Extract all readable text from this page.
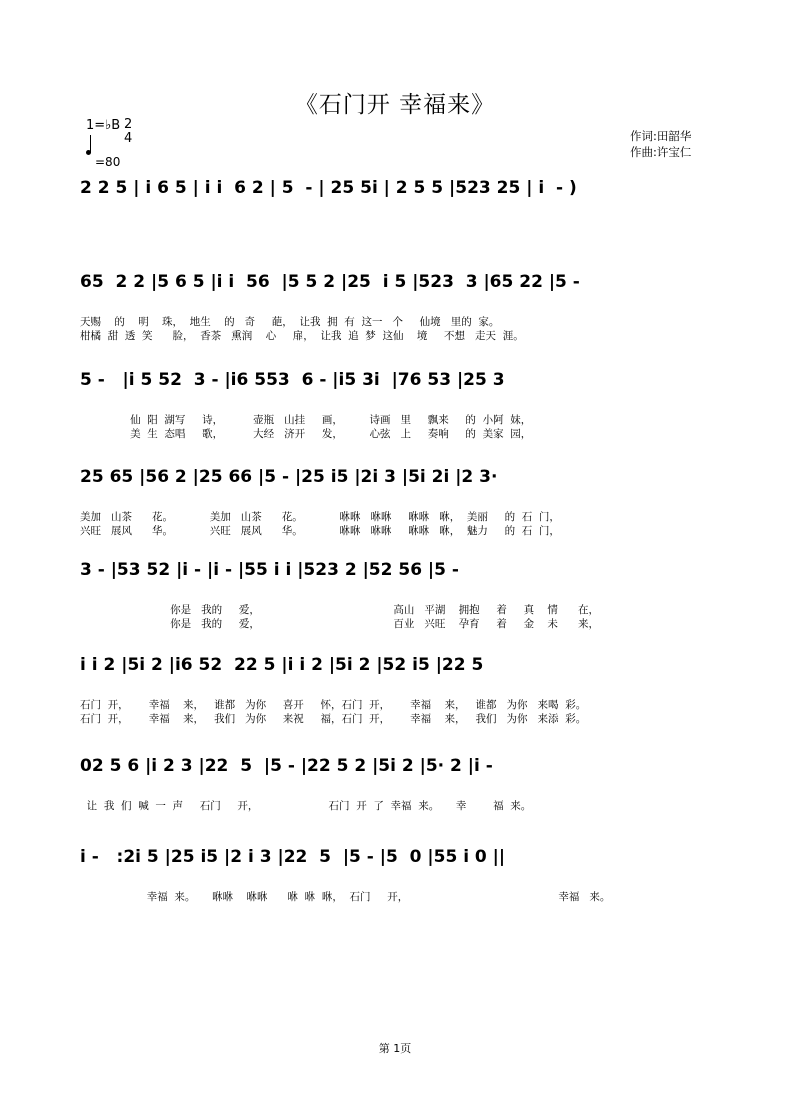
《石门开 幸福来》
1=♭B 2
4
=80
作词:田韶华
作曲:许宝仁
2 2 5 | i 6 5 | i i  6 2 | 5  - | 25 5i | 2 5 5 |523 25 | i  - )
65  2 2 |5 6 5 |i i  56  |5 5 2 |25  i 5 |523  3 |65 22 |5 -
天赐    的    明    珠，  地生    的   奇     葩，  让我  拥  有  这一   个     仙境   里的  家。
柑橘  甜  透  笑      脸，  香茶   熏润    心     扉，  让我  追  梦  这仙    境     不想   走天  涯。
5 -   |i 5 52  3 - |i6 553  6 - |i5 3i  |76 53 |25 3
仙  阳  湖写     诗，         壶瓶   山挂     画，        诗画   里     飘来     的  小阿  妹，
美  生  态唱     歌，         大经   济开     发，        心弦   上     奏响     的  美家  园，
25 65 |56 2 |25 66 |5 - |25 i5 |2i 3 |5i 2i |2 3·
美加   山茶      花。           美加   山茶      花。           咻咻   咻咻     咻咻   咻，  美丽     的  石  门，
兴旺   展风      华。           兴旺   展风      华。           咻咻   咻咻     咻咻   咻，  魅力     的  石  门，
3 - |53 52 |i - |i - |55 i i |523 2 |52 56 |5 -
你是   我的     爱，                                        高山   平湖    拥抱     着     真    情      在，
你是   我的     爱，                                        百业   兴旺    孕育     着     金    未      来，
i i 2 |5i 2 |i6 52  22 5 |i i 2 |5i 2 |52 i5 |22 5
石门  开，      幸福    来，   谁都   为你     喜开     怀，石门  开，      幸福    来，   谁都   为你   来喝  彩。
石门  开，      幸福    来，   我们   为你     来祝     福，石门  开，      幸福    来，   我们   为你   来添  彩。
02 5 6 |i 2 3 |22  5  |5 - |22 5 2 |5i 2 |5· 2 |i -
让  我  们  喊  一  声     石门     开，                     石门  开  了  幸福  来。     幸        福  来。
i -   :2i 5 |25 i5 |2 i 3 |22  5  |5 - |5  0 |55 i 0 ||
幸福  来。     咻咻    咻咻      咻  咻  咻，  石门     开，                                             幸福   来。
第 1页
